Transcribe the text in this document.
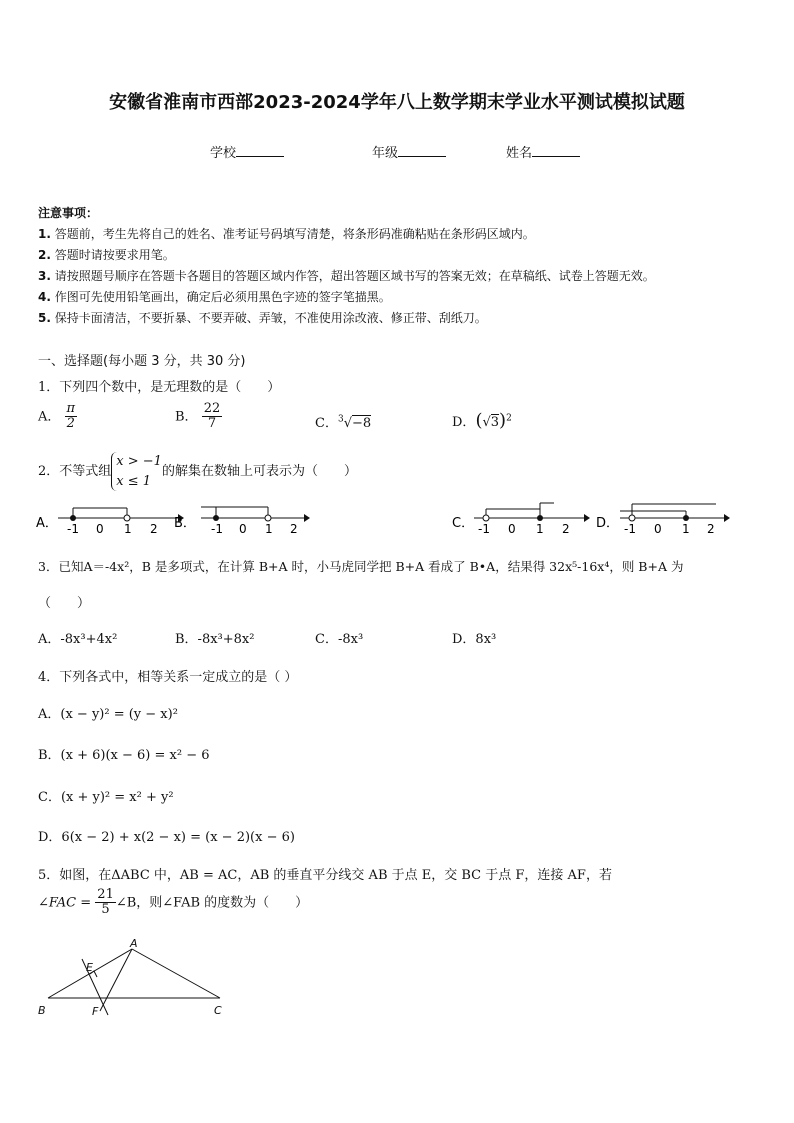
安徽省淮南市西部2023-2024学年八上数学期末学业水平测试模拟试题
学校	年级	姓名
注意事项：
1. 答题前，考生先将自己的姓名、准考证号码填写清楚，将条形码准确粘贴在条形码区域内。
2. 答题时请按要求用笔。
3. 请按照题号顺序在答题卡各题目的答题区域内作答，超出答题区域书写的答案无效；在草稿纸、试卷上答题无效。
4. 作图可先使用铅笔画出，确定后必须用黑色字迹的签字笔描黑。
5. 保持卡面清洁，不要折暴、不要弄破、弄皱，不准使用涂改液、修正带、刮纸刀。
一、选择题(每小题 3 分，共 30 分)
1．下列四个数中，是无理数的是（　　）
A． $\frac{\pi}{2}$	B． $\frac{22}{7}$	C．$^3$√−8	D．$(√3)^2$
2．不等式组
x > −1
x ≤ 1
的解集在数轴上可表示为（　　）
A． -1 0 1 2 B． -1 0 1 2	C． -1 0 1 2 D． -1 0 1 2
3．已知A＝-4x²，B 是多项式，在计算 B+A 时，小马虎同学把 B+A 看成了 B•A，结果得 32x⁵-16x⁴，则 B+A 为
（　　）
A．-8x³+4x²	B．-8x³+8x²	C．-8x³	D．8x³
4．下列各式中，相等关系一定成立的是（ ）
A．(x − y)² = (y − x)²
B．(x + 6)(x − 6) = x² − 6
C．(x + y)² = x² + y²
D．6(x − 2) + x(2 − x) = (x − 2)(x − 6)
5．如图，在ΔABC 中，AB = AC，AB 的垂直平分线交 AB 于点 E，交 BC 于点 F，连接 AF，若
∠FAC = $\frac{21}{5}$ ∠B，则∠FAB 的度数为（　　）
A
B	C
E
F
